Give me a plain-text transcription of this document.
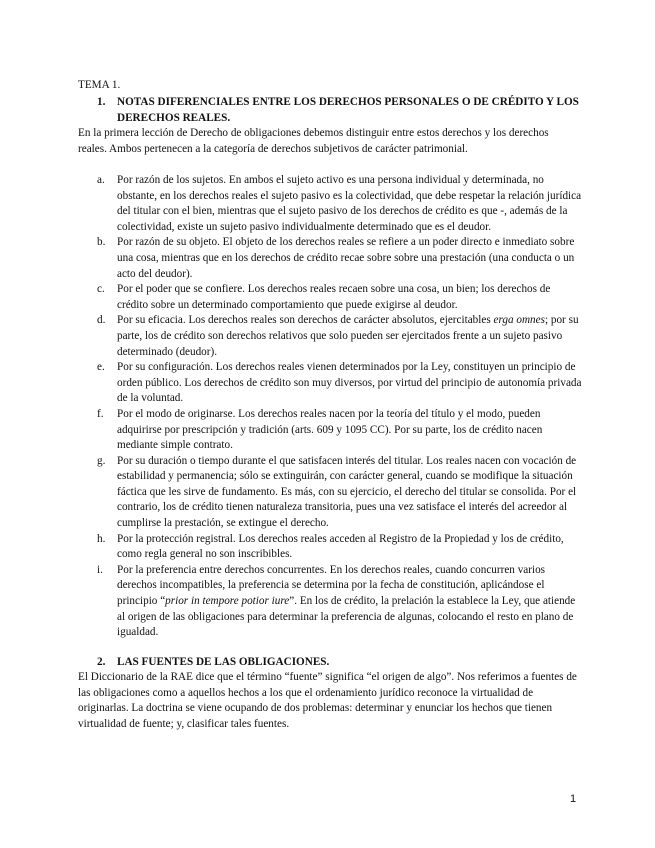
TEMA 1.
1. NOTAS DIFERENCIALES ENTRE LOS DERECHOS PERSONALES O DE CRÉDITO Y LOS DERECHOS REALES.
En la primera lección de Derecho de obligaciones debemos distinguir entre estos derechos y los derechos reales. Ambos pertenecen a la categoría de derechos subjetivos de carácter patrimonial.
a. Por razón de los sujetos. En ambos el sujeto activo es una persona individual y determinada, no obstante, en los derechos reales el sujeto pasivo es la colectividad, que debe respetar la relación jurídica del titular con el bien, mientras que el sujeto pasivo de los derechos de crédito es que -, además de la colectividad, existe un sujeto pasivo individualmente determinado que es el deudor.
b. Por razón de su objeto. El objeto de los derechos reales se refiere a un poder directo e inmediato sobre una cosa, mientras que en los derechos de crédito recae sobre sobre una prestación (una conducta o un acto del deudor).
c. Por el poder que se confiere. Los derechos reales recaen sobre una cosa, un bien; los derechos de crédito sobre un determinado comportamiento que puede exigirse al deudor.
d. Por su eficacia. Los derechos reales son derechos de carácter absolutos, ejercitables erga omnes; por su parte, los de crédito son derechos relativos que solo pueden ser ejercitados frente a un sujeto pasivo determinado (deudor).
e. Por su configuración. Los derechos reales vienen determinados por la Ley, constituyen un principio de orden público. Los derechos de crédito son muy diversos, por virtud del principio de autonomía privada de la voluntad.
f. Por el modo de originarse. Los derechos reales nacen por la teoría del título y el modo, pueden adquirirse por prescripción y tradición (arts. 609 y 1095 CC). Por su parte, los de crédito nacen mediante simple contrato.
g. Por su duración o tiempo durante el que satisfacen interés del titular. Los reales nacen con vocación de estabilidad y permanencia; sólo se extinguirán, con carácter general, cuando se modifique la situación fáctica que les sirve de fundamento. Es más, con su ejercicio, el derecho del titular se consolida. Por el contrario, los de crédito tienen naturaleza transitoria, pues una vez satisface el interés del acreedor al cumplirse la prestación, se extingue el derecho.
h. Por la protección registral. Los derechos reales acceden al Registro de la Propiedad y los de crédito, como regla general no son inscribibles.
i. Por la preferencia entre derechos concurrentes. En los derechos reales, cuando concurren varios derechos incompatibles, la preferencia se determina por la fecha de constitución, aplicándose el principio “prior in tempore potior iure”. En los de crédito, la prelación la establece la Ley, que atiende al origen de las obligaciones para determinar la preferencia de algunas, colocando el resto en plano de igualdad.
2. LAS FUENTES DE LAS OBLIGACIONES.
El Diccionario de la RAE dice que el término “fuente” significa “el origen de algo”. Nos referimos a fuentes de las obligaciones como a aquellos hechos a los que el ordenamiento jurídico reconoce la virtualidad de originarlas. La doctrina se viene ocupando de dos problemas: determinar y enunciar los hechos que tienen virtualidad de fuente; y, clasificar tales fuentes.
1
